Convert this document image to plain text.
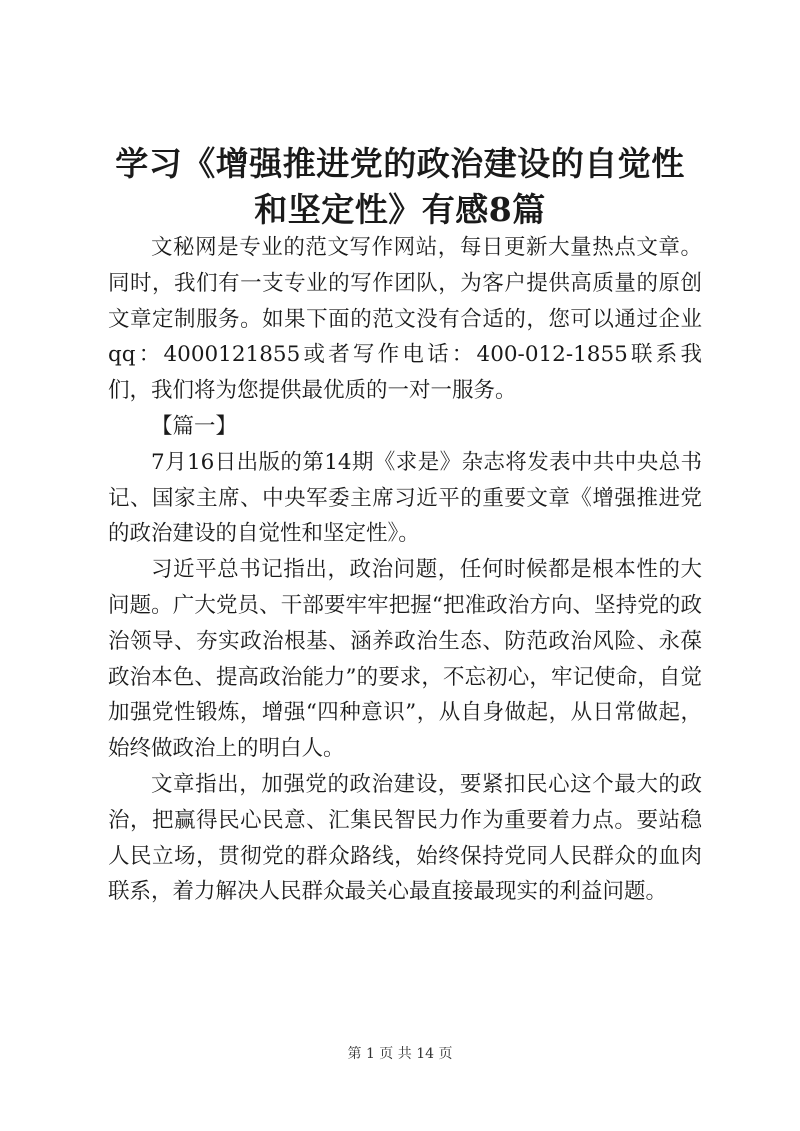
学习《增强推进党的政治建设的自觉性和坚定性》有感8篇

文秘网是专业的范文写作网站，每日更新大量热点文章。同时，我们有一支专业的写作团队，为客户提供高质量的原创文章定制服务。如果下面的范文没有合适的，您可以通过企业qq：4000121855或者写作电话：400-012-1855联系我们，我们将为您提供最优质的一对一服务。

【篇一】

7月16日出版的第14期《求是》杂志将发表中共中央总书记、国家主席、中央军委主席习近平的重要文章《增强推进党的政治建设的自觉性和坚定性》。

习近平总书记指出，政治问题，任何时候都是根本性的大问题。广大党员、干部要牢牢把握“把准政治方向、坚持党的政治领导、夯实政治根基、涵养政治生态、防范政治风险、永葆政治本色、提高政治能力”的要求，不忘初心，牢记使命，自觉加强党性锻炼，增强“四种意识”，从自身做起，从日常做起，始终做政治上的明白人。

文章指出，加强党的政治建设，要紧扣民心这个最大的政治，把赢得民心民意、汇集民智民力作为重要着力点。要站稳人民立场，贯彻党的群众路线，始终保持党同人民群众的血肉联系，着力解决人民群众最关心最直接最现实的利益问题。

第 1 页 共 14 页
